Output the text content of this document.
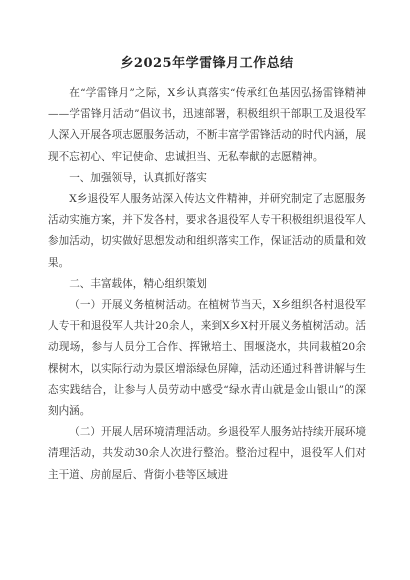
乡2025年学雷锋月工作总结

在“学雷锋月”之际，X乡认真落实“传承红色基因弘扬雷锋精神——学雷锋月活动”倡议书，迅速部署，积极组织干部职工及退役军人深入开展各项志愿服务活动，不断丰富学雷锋活动的时代内涵，展现不忘初心、牢记使命、忠诚担当、无私奉献的志愿精神。

一、加强领导，认真抓好落实

X乡退役军人服务站深入传达文件精神，并研究制定了志愿服务活动实施方案，并下发各村，要求各退役军人专干积极组织退役军人参加活动，切实做好思想发动和组织落实工作，保证活动的质量和效果。

二、丰富载体，精心组织策划

（一）开展义务植树活动。在植树节当天，X乡组织各村退役军人专干和退役军人共计20余人，来到X乡X村开展义务植树活动。活动现场，参与人员分工合作、挥锹培土、围堰浇水，共同栽植20余棵树木，以实际行动为景区增添绿色屏障，活动还通过科普讲解与生态实践结合，让参与人员劳动中感受“绿水青山就是金山银山”的深刻内涵。

（二）开展人居环境清理活动。乡退役军人服务站持续开展环境清理活动，共发动30余人次进行整治。整治过程中，退役军人们对主干道、房前屋后、背街小巷等区域进
